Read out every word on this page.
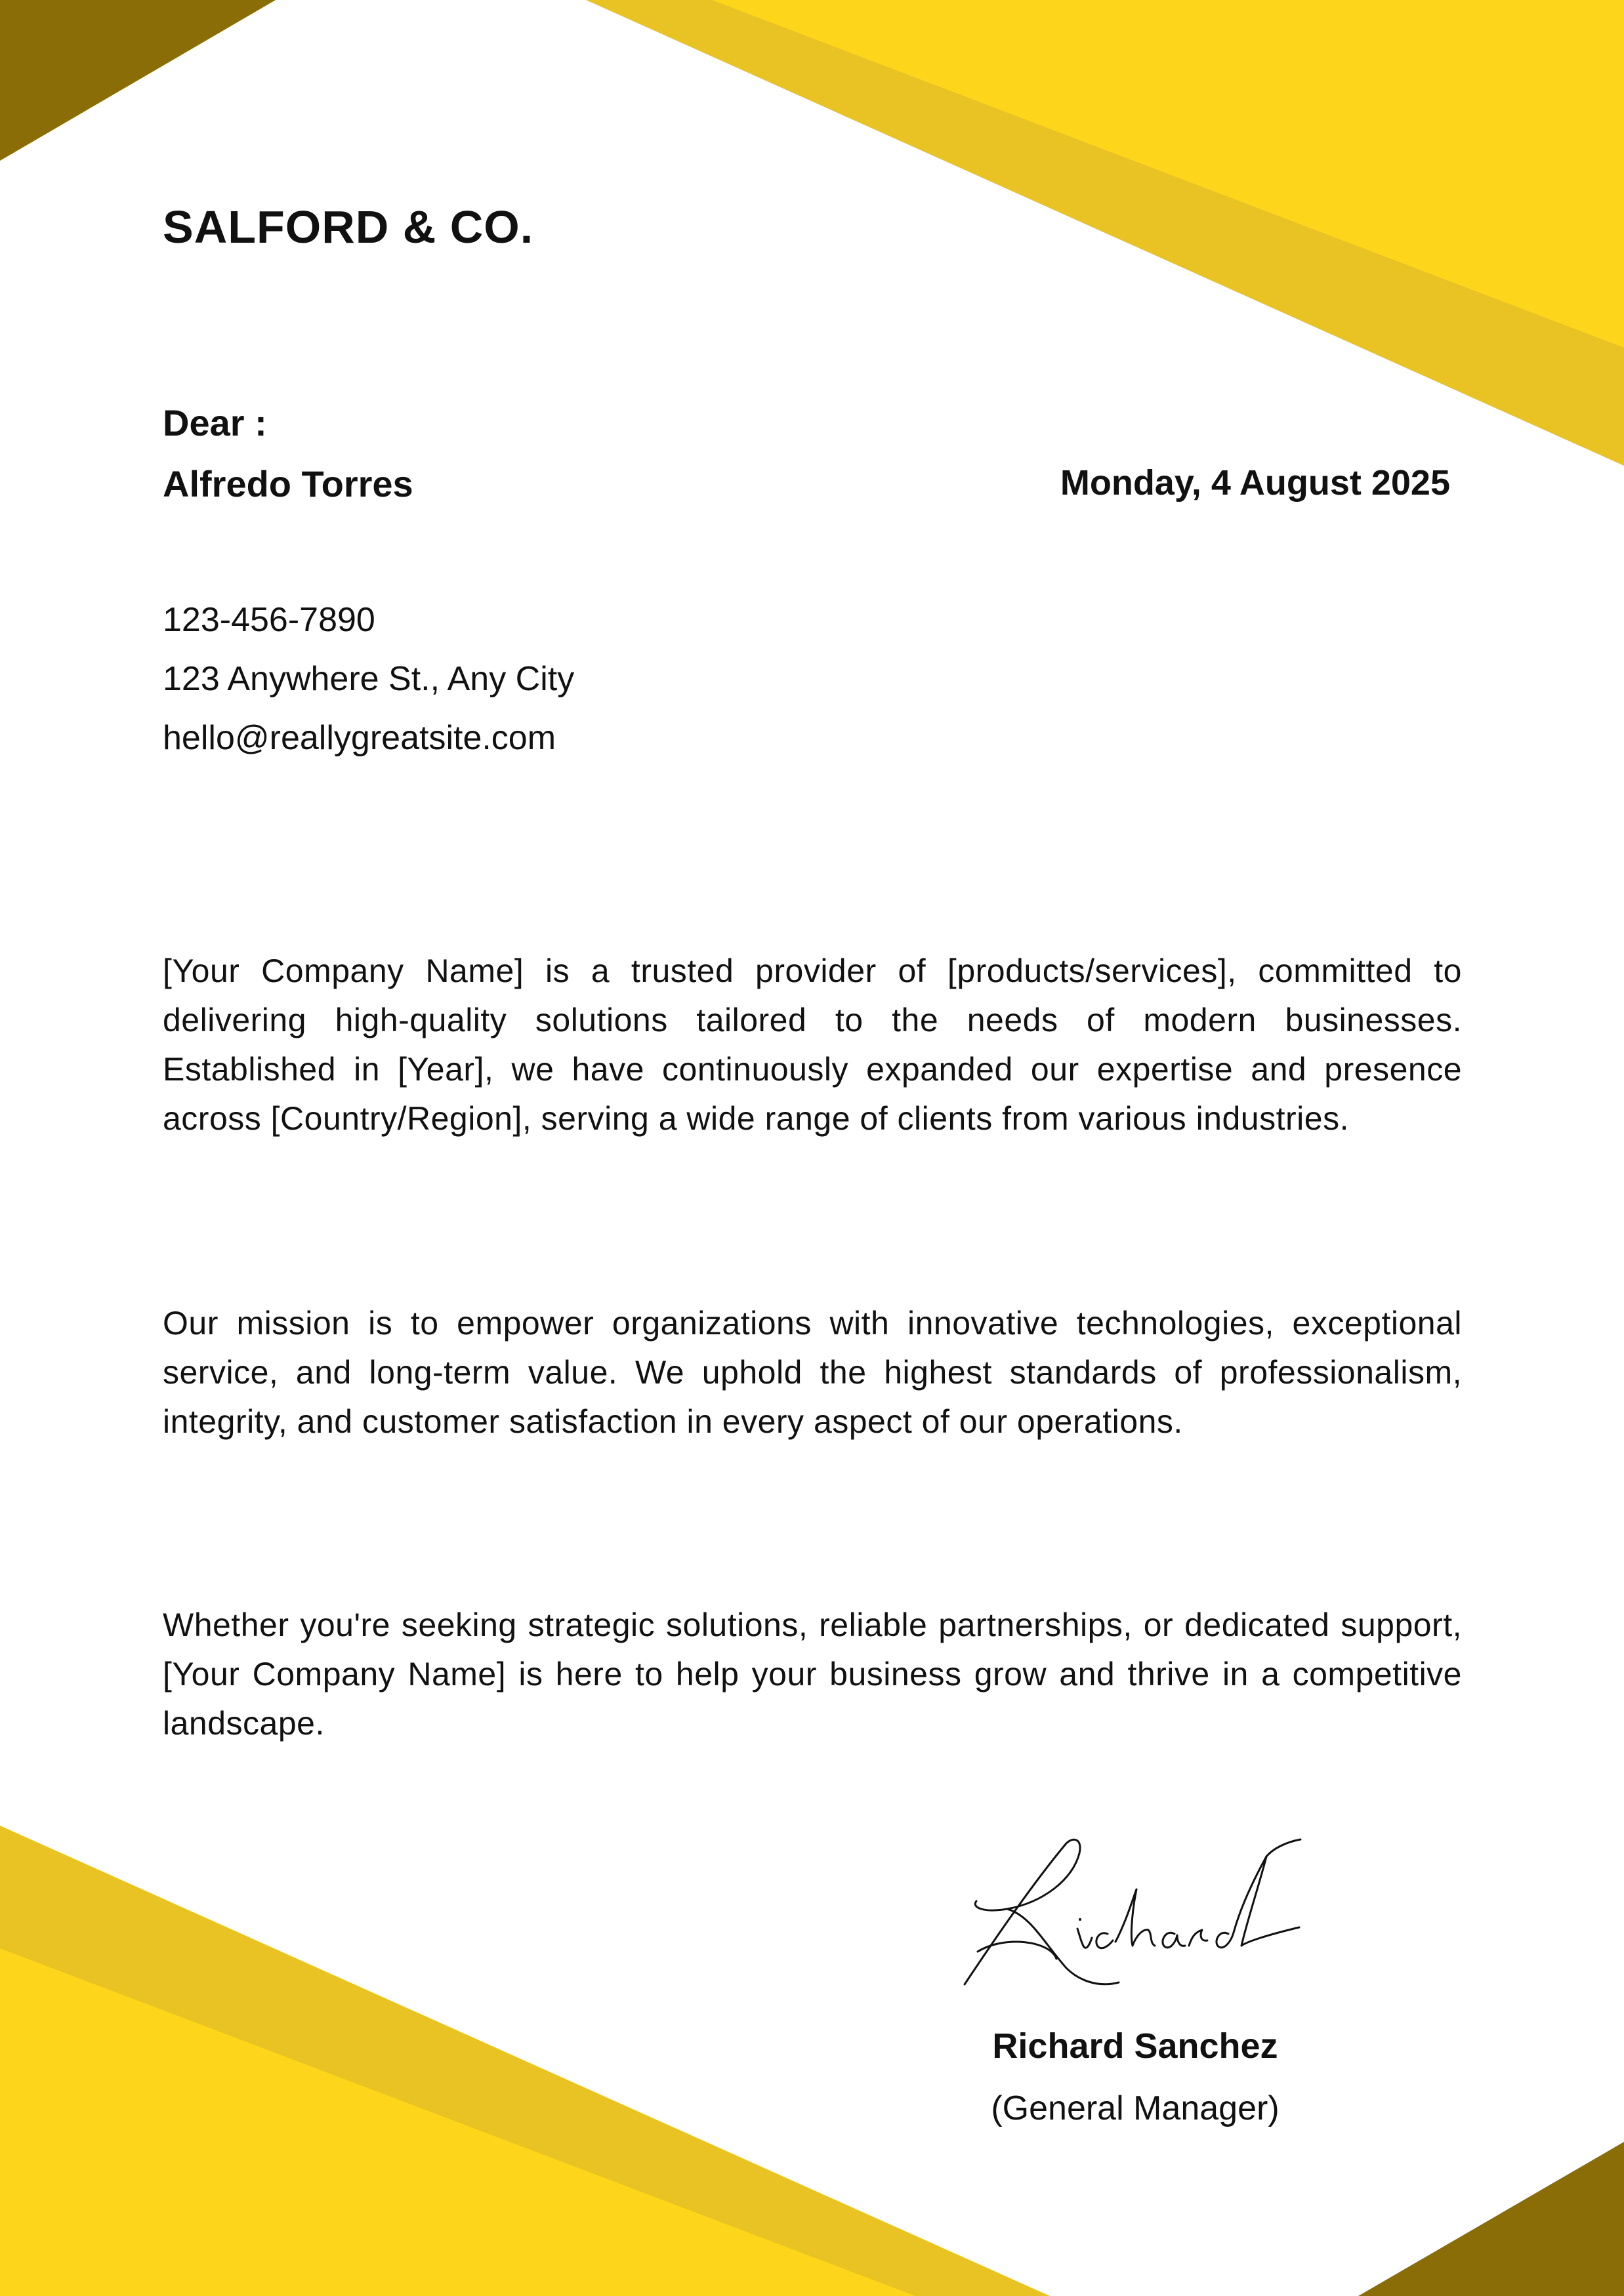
SALFORD & CO.
Dear :
Alfredo Torres	Monday, 4 August 2025
123-456-7890
123 Anywhere St., Any City
hello@reallygreatsite.com
[Your Company Name] is a trusted provider of [products/services], committed to delivering high-quality solutions tailored to the needs of modern businesses. Established in [Year], we have continuously expanded our expertise and presence across [Country/Region], serving a wide range of clients from various industries.
Our mission is to empower organizations with innovative technologies, exceptional service, and long-term value. We uphold the highest standards of professionalism, integrity, and customer satisfaction in every aspect of our operations.
Whether you're seeking strategic solutions, reliable partnerships, or dedicated support, [Your Company Name] is here to help your business grow and thrive in a competitive landscape.
Richard Sanchez
(General Manager)
